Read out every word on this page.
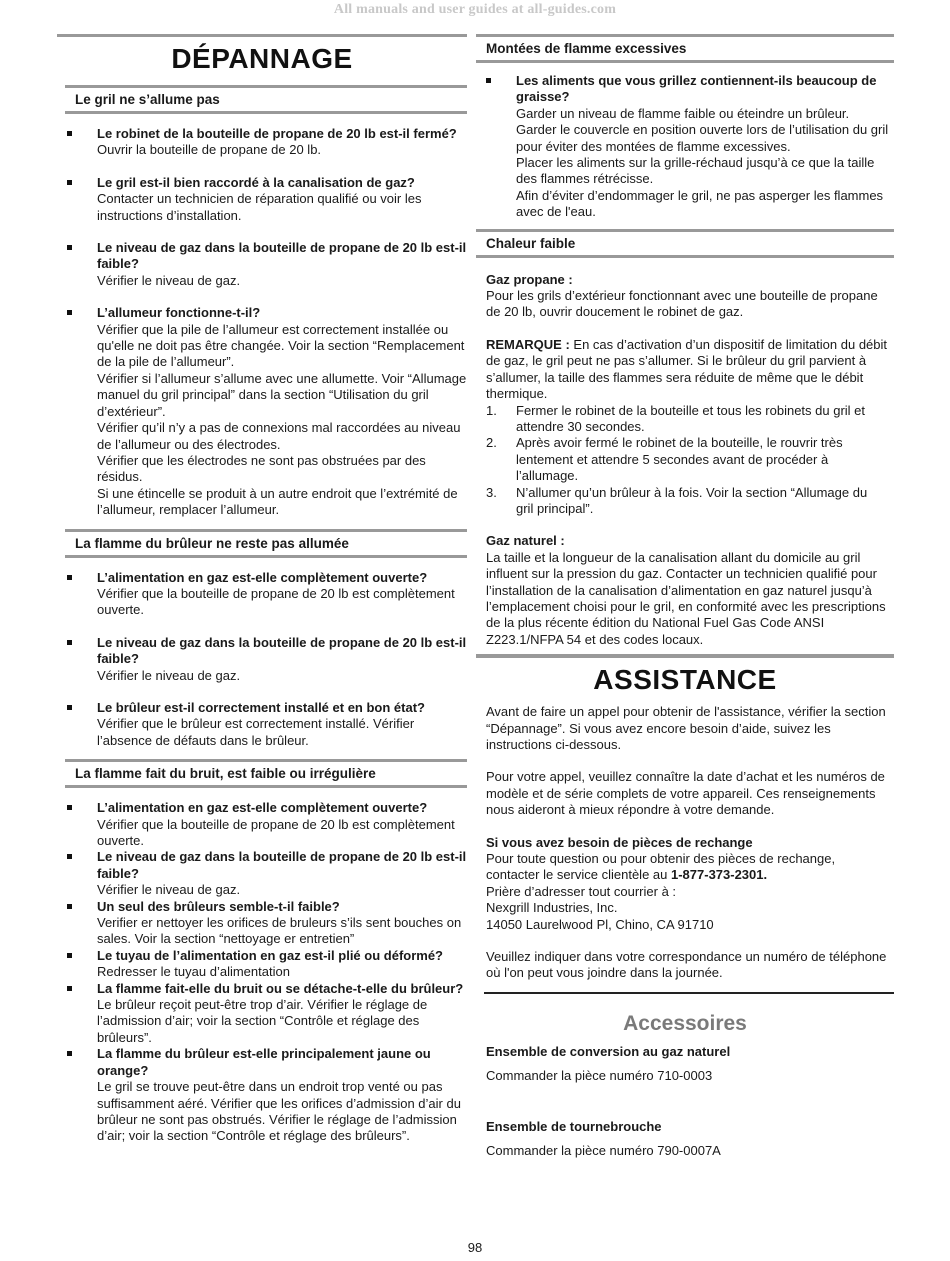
All manuals and user guides at all-guides.com
DÉPANNAGE
Le gril ne s’allume pas
Le robinet de la bouteille de propane de 20 lb est-il fermé?
Ouvrir la bouteille de propane de 20 lb.
Le gril est-il bien raccordé à la canalisation de gaz?
Contacter un technicien de réparation qualifié ou voir les instructions d’installation.
Le niveau de gaz dans la bouteille de propane de 20 lb est-il faible?
Vérifier le niveau de gaz.
L’allumeur fonctionne-t-il?
Vérifier que la pile de l’allumeur est correctement installée ou qu'elle ne doit pas être changée. Voir la section “Remplacement de la pile de l’allumeur”.
Vérifier si l’allumeur s’allume avec une allumette. Voir “Allumage manuel du gril principal” dans la section “Utilisation du gril d’extérieur”.
Vérifier qu’il n’y a pas de connexions mal raccordées au niveau de l’allumeur ou des électrodes.
Vérifier que les électrodes ne sont pas obstruées par des résidus.
Si une étincelle se produit à un autre endroit que l’extrémité de l’allumeur, remplacer l’allumeur.
La flamme du brûleur ne reste pas allumée
L’alimentation en gaz est-elle complètement ouverte?
Vérifier que la bouteille de propane de 20 lb est complètement ouverte.
Le niveau de gaz dans la bouteille de propane de 20 lb est-il faible?
Vérifier le niveau de gaz.
Le brûleur est-il correctement installé et en bon état?
Vérifier que le brûleur est correctement installé. Vérifier l’absence de défauts dans le brûleur.
La flamme fait du bruit, est faible ou irrégulière
L’alimentation en gaz est-elle complètement ouverte?
Vérifier que la bouteille de propane de 20 lb est complètement ouverte.
Le niveau de gaz dans la bouteille de propane de 20 lb est-il faible?
Vérifier le niveau de gaz.
Un seul des brûleurs semble-t-il faible?
Verifier er nettoyer les orifices de bruleurs s’ils sent bouches on sales. Voir la section “nettoyage er entretien”
Le tuyau de l’alimentation en gaz est-il plié ou déformé?
Redresser le tuyau d’alimentation
La flamme fait-elle du bruit ou se détache-t-elle du brûleur?
Le brûleur reçoit peut-être trop d’air. Vérifier le réglage de l’admission d’air; voir la section “Contrôle et réglage des brûleurs”.
La flamme du brûleur est-elle principalement jaune ou orange?
Le gril se trouve peut-être dans un endroit trop venté ou pas suffisamment aéré. Vérifier que les orifices d’admission d’air du brûleur ne sont pas obstrués. Vérifier le réglage de l’admission d’air; voir la section “Contrôle et réglage des brûleurs”.
Montées de flamme excessives
Les aliments que vous grillez contiennent-ils beaucoup de graisse?
Garder un niveau de flamme faible ou éteindre un brûleur.
Garder le couvercle en position ouverte lors de l’utilisation du gril pour éviter des montées de flamme excessives.
Placer les aliments sur la grille-réchaud jusqu’à ce que la taille des flammes rétrécisse.
Afin d’éviter d’endommager le gril, ne pas asperger les flammes avec de l'eau.
Chaleur faible

Gaz propane :

Pour les grils d’extérieur fonctionnant avec une bouteille de propane de 20 lb, ouvrir doucement le robinet de gaz.

REMARQUE : En cas d’activation d’un dispositif de limitation du débit de gaz, le gril peut ne pas s’allumer. Si le brûleur du gril parvient à s’allumer, la taille des flammes sera réduite de même que le débit thermique.

1. Fermer le robinet de la bouteille et tous les robinets du gril et attendre 30 secondes.
2. Après avoir fermé le robinet de la bouteille, le rouvrir très lentement et attendre 5 secondes avant de procéder à l’allumage.
3. N’allumer qu’un brûleur à la fois. Voir la section “Allumage du gril principal”.

Gaz naturel :

La taille et la longueur de la canalisation allant du domicile au gril influent sur la pression du gaz. Contacter un technicien qualifié pour l’installation de la canalisation d’alimentation en gaz naturel jusqu’à l’emplacement choisi pour le gril, en conformité avec les prescriptions de la plus récente édition du National Fuel Gas Code ANSI Z223.1/NFPA 54 et des codes locaux.

ASSISTANCE

Avant de faire un appel pour obtenir de l'assistance, vérifier la section “Dépannage”. Si vous avez encore besoin d’aide, suivez les instructions ci-dessous.

Pour votre appel, veuillez connaître la date d’achat et les numéros de modèle et de série complets de votre appareil. Ces renseignements nous aideront à mieux répondre à votre demande.

Si vous avez besoin de pièces de rechange

Pour toute question ou pour obtenir des pièces de rechange, contacter le service clientèle au 1-877-373-2301.

Prière d’adresser tout courrier à :

Nexgrill Industries, Inc.

14050 Laurelwood Pl, Chino, CA 91710

Veuillez indiquer dans votre correspondance un numéro de téléphone où l'on peut vous joindre dans la journée.

Accessoires

Ensemble de conversion au gaz naturel

Commander la pièce numéro 710-0003

Ensemble de tournebrouche

Commander la pièce numéro 790-0007A

98
